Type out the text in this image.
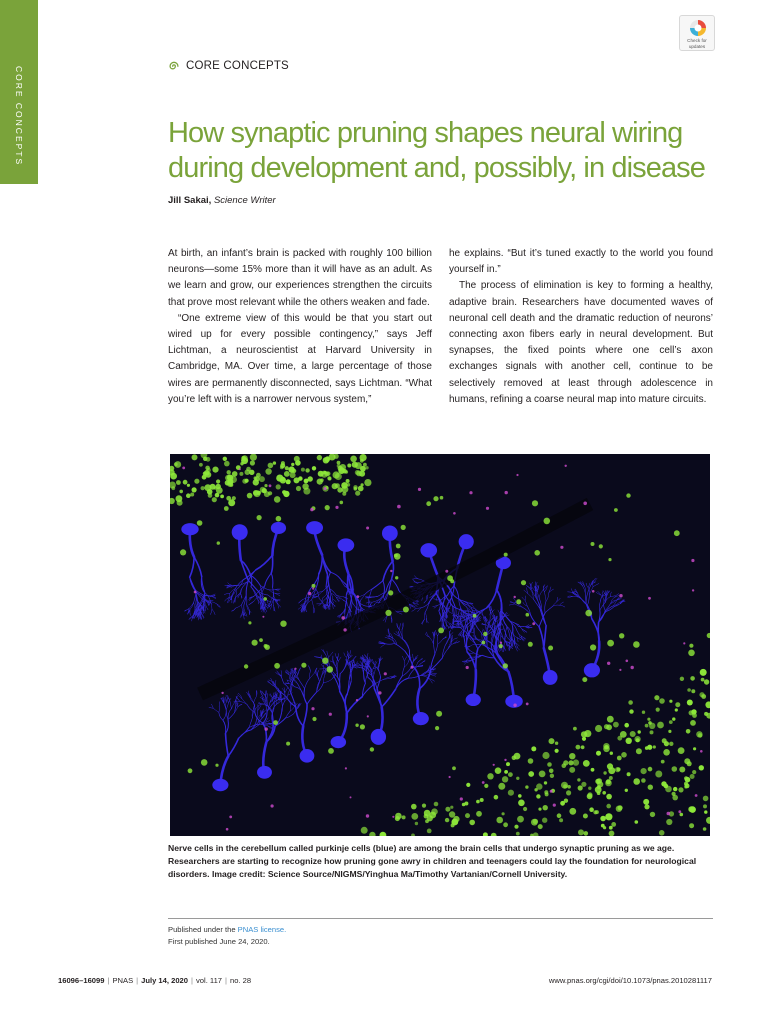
CORE CONCEPTS
Check for
updates
CORE CONCEPTS
How synaptic pruning shapes neural wiring during development and, possibly, in disease
Jill Sakai, Science Writer

At birth, an infant’s brain is packed with roughly 100 billion neurons—some 15% more than it will have as an adult. As we learn and grow, our experiences strengthen the circuits that prove most relevant while the others weaken and fade.

“One extreme view of this would be that you start out wired up for every possible contingency,” says Jeff Lichtman, a neuroscientist at Harvard University in Cambridge, MA. Over time, a large percentage of those wires are permanently disconnected, says Lichtman. “What you’re left with is a narrower nervous system,”

he explains. “But it’s tuned exactly to the world you found yourself in.”

The process of elimination is key to forming a healthy, adaptive brain. Researchers have documented waves of neuronal cell death and the dramatic reduction of neurons’ connecting axon fibers early in neural development. But synapses, the fixed points where one cell’s axon exchanges signals with another cell, continue to be selectively removed at least through adolescence in humans, refining a coarse neural map into mature circuits.

Nerve cells in the cerebellum called purkinje cells (blue) are among the brain cells that undergo synaptic pruning as we age. Researchers are starting to recognize how pruning gone awry in children and teenagers could lay the foundation for neurological disorders. Image credit: Science Source/NIGMS/Yinghua Ma/Timothy Vartanian/Cornell University.
Published under the PNAS license.
First published June 24, 2020.
16096–16099 | PNAS | July 14, 2020 | vol. 117 | no. 28	www.pnas.org/cgi/doi/10.1073/pnas.2010281117
